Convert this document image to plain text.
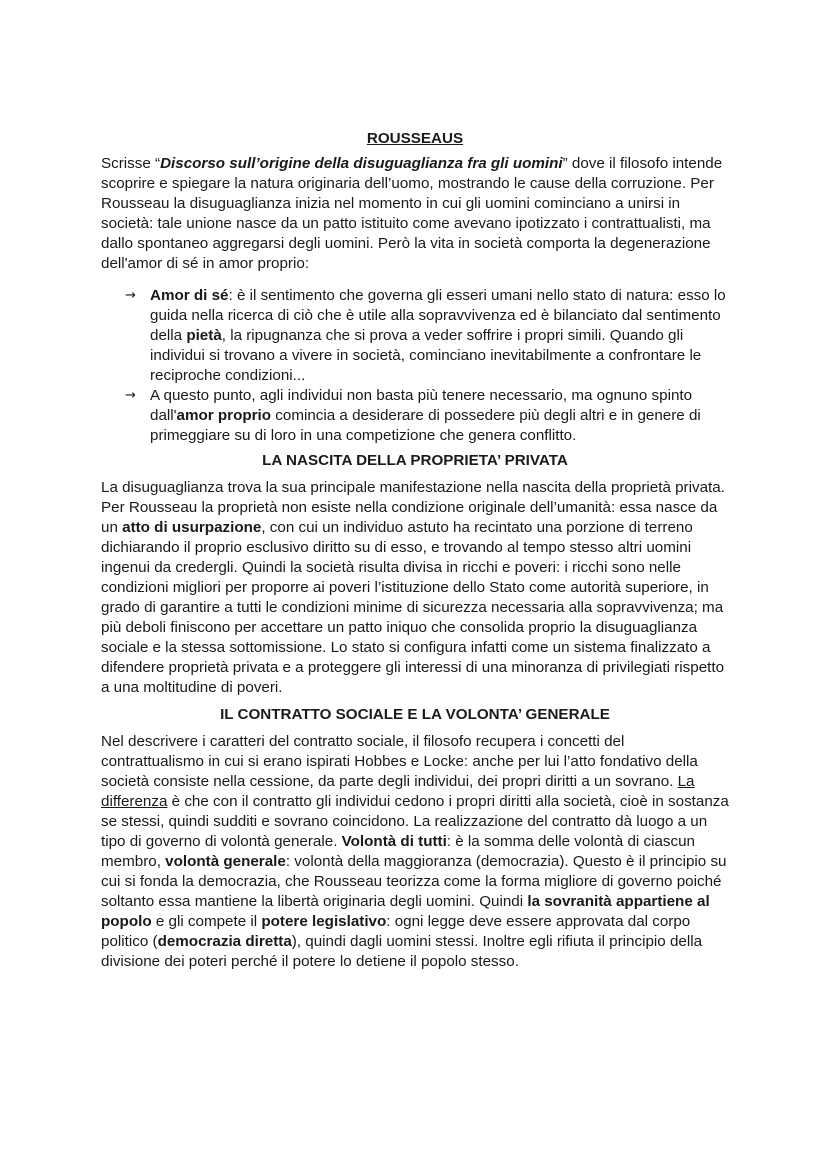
ROUSSEAUS

Scrisse “Discorso sull’origine della disuguaglianza fra gli uomini” dove il filosofo intende scoprire e spiegare la natura originaria dell’uomo, mostrando le cause della corruzione. Per Rousseau la disuguaglianza inizia nel momento in cui gli uomini cominciano a unirsi in società: tale unione nasce da un patto istituito come avevano ipotizzato i contrattualisti, ma dallo spontaneo aggregarsi degli uomini. Però la vita in società comporta la degenerazione dell'amor di sé in amor proprio:

→ Amor di sé: è il sentimento che governa gli esseri umani nello stato di natura: esso lo guida nella ricerca di ciò che è utile alla sopravvivenza ed è bilanciato dal sentimento della pietà, la ripugnanza che si prova a veder soffrire i propri simili. Quando gli individui si trovano a vivere in società, cominciano inevitabilmente a confrontare le reciproche condizioni...
→ A questo punto, agli individui non basta più tenere necessario, ma ognuno spinto dall'amor proprio comincia a desiderare di possedere più degli altri e in genere di primeggiare su di loro in una competizione che genera conflitto.
LA NASCITA DELLA PROPRIETA’ PRIVATA

La disuguaglianza trova la sua principale manifestazione nella nascita della proprietà privata. Per Rousseau la proprietà non esiste nella condizione originale dell’umanità: essa nasce da un atto di usurpazione, con cui un individuo astuto ha recintato una porzione di terreno dichiarando il proprio esclusivo diritto su di esso, e trovando al tempo stesso altri uomini ingenui da credergli. Quindi la società risulta divisa in ricchi e poveri: i ricchi sono nelle condizioni migliori per proporre ai poveri l’istituzione dello Stato come autorità superiore, in grado di garantire a tutti le condizioni minime di sicurezza necessaria alla sopravvivenza; ma più deboli finiscono per accettare un patto iniquo che consolida proprio la disuguaglianza sociale e la stessa sottomissione. Lo stato si configura infatti come un sistema finalizzato a difendere proprietà privata e a proteggere gli interessi di una minoranza di privilegiati rispetto a una moltitudine di poveri.

IL CONTRATTO SOCIALE E LA VOLONTA’ GENERALE

Nel descrivere i caratteri del contratto sociale, il filosofo recupera i concetti del contrattualismo in cui si erano ispirati Hobbes e Locke: anche per lui l’atto fondativo della società consiste nella cessione, da parte degli individui, dei propri diritti a un sovrano. La differenza è che con il contratto gli individui cedono i propri diritti alla società, cioè in sostanza se stessi, quindi sudditi e sovrano coincidono. La realizzazione del contratto dà luogo a un tipo di governo di volontà generale. Volontà di tutti: è la somma delle volontà di ciascun membro, volontà generale: volontà della maggioranza (democrazia). Questo è il principio su cui si fonda la democrazia, che Rousseau teorizza come la forma migliore di governo poiché soltanto essa mantiene la libertà originaria degli uomini. Quindi la sovranità appartiene al popolo e gli compete il potere legislativo: ogni legge deve essere approvata dal corpo politico (democrazia diretta), quindi dagli uomini stessi. Inoltre egli rifiuta il principio della divisione dei poteri perché il potere lo detiene il popolo stesso.
